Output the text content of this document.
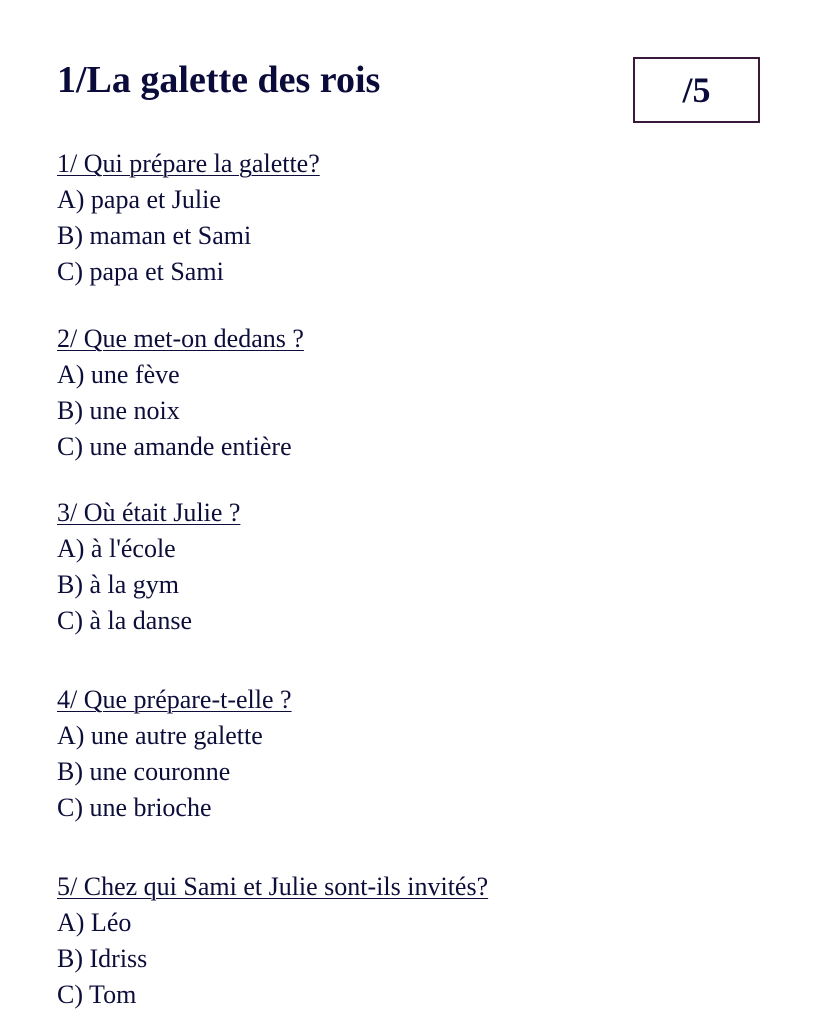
1/La galette des rois	/5
1/ Qui prépare la galette?
A) papa et Julie
B) maman et Sami
C) papa et Sami
2/ Que met-on dedans ?
A) une fève
B) une noix
C) une amande entière
3/ Où était Julie ?
A) à l'école
B) à la gym
C) à la danse
4/ Que prépare-t-elle ?
A) une autre galette
B) une couronne
C) une brioche
5/ Chez qui Sami et Julie sont-ils invités?
A) Léo
B) Idriss
C) Tom
